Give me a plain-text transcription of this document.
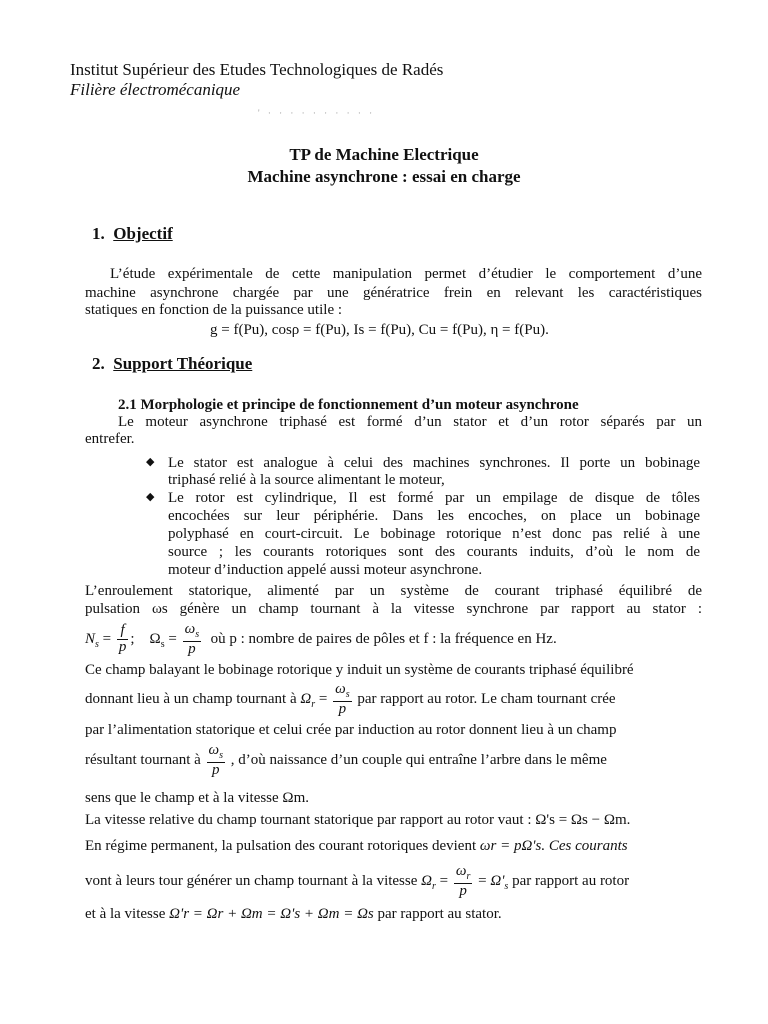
Institut Supérieur des Etudes Technologiques de Radés
Filière électromécanique
' · · · · · · · · · ·
TP de Machine Electrique
Machine asynchrone : essai en charge
1. Objectif
L’étude expérimentale de cette manipulation permet d’étudier le comportement d’une
machine asynchrone chargée par une génératrice frein en relevant les caractéristiques
statiques en fonction de la puissance utile :
g = f(Pu), cosρ = f(Pu), Is = f(Pu), Cu = f(Pu), η = f(Pu).
2. Support Théorique
2.1 Morphologie et principe de fonctionnement d’un moteur asynchrone
Le moteur asynchrone triphasé est formé d’un stator et d’un rotor séparés par un
entrefer.
◆ Le stator est analogue à celui des machines synchrones. Il porte un bobinage
triphasé relié à la source alimentant le moteur,
◆ Le rotor est cylindrique, Il est formé par un empilage de disque de tôles
encochées sur leur périphérie. Dans les encoches, on place un bobinage
polyphasé en court-circuit. Le bobinage rotorique n’est donc pas relié à une
source ; les courants rotoriques sont des courants induits, d’où le nom de
moteur d’induction appelé aussi moteur asynchrone.
L’enroulement statorique, alimenté par un système de courant triphasé équilibré de
pulsation ωs génère un champ tournant à la vitesse synchrone par rapport au stator :
$N_s = \frac{f}{p}$ ;    $\Omega_s = \frac{\omega_s}{p}$ où p : nombre de paires de pôles et f : la fréquence en Hz.
Ce champ balayant le bobinage rotorique y induit un système de courants triphasé équilibré
donnant lieu à un champ tournant à $\Omega_r = \frac{\omega_s}{p}$ par rapport au rotor. Le cham tournant crée
par l’alimentation statorique et celui crée par induction au rotor donnent lieu à un champ
résultant tournant à $\frac{\omega_s}{p}$ , d’où naissance d’un couple qui entraîne l’arbre dans le même
sens que le champ et à la vitesse Ωm.
La vitesse relative du champ tournant statorique par rapport au rotor vaut : Ω's = Ωs − Ωm.
En régime permanent, la pulsation des courant rotoriques devient ωr = pΩ's. Ces courants
vont à leurs tour générer un champ tournant à la vitesse $\Omega_r = \frac{\omega_r}{p} = \Omega'_s$ par rapport au rotor
et à la vitesse Ω'r = Ωr + Ωm = Ω's + Ωm = Ωs par rapport au stator.
